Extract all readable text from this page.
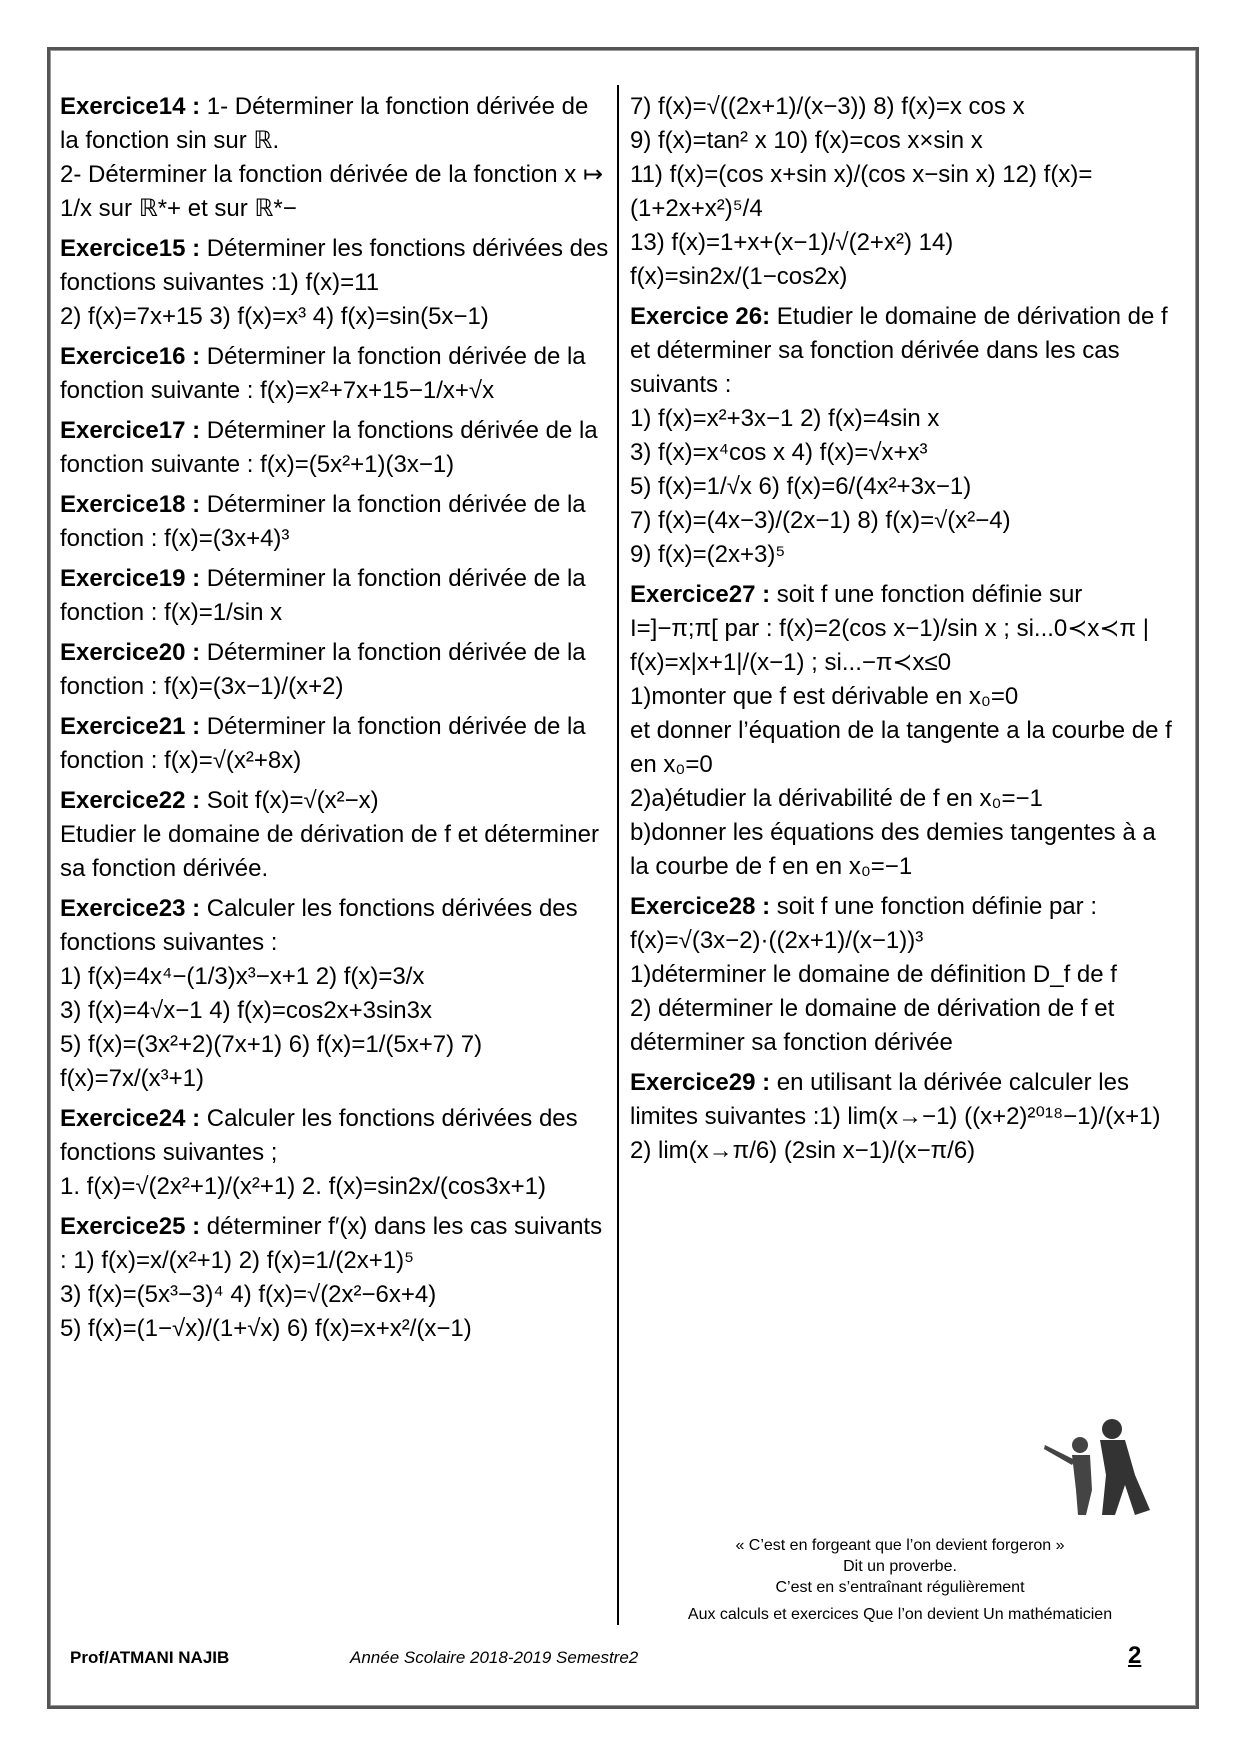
Exercice14 : 1- Déterminer la fonction dérivée de la fonction sin sur ℝ.

2- Déterminer la fonction dérivée de la fonction x ↦ 1/x sur ℝ*+ et sur ℝ*−

Exercice15 : Déterminer les fonctions dérivées des fonctions suivantes :1) f(x)=11

2) f(x)=7x+15 3) f(x)=x³ 4) f(x)=sin(5x−1)

Exercice16 : Déterminer la fonction dérivée de la fonction suivante : f(x)=x²+7x+15−1/x+√x

Exercice17 : Déterminer la fonctions dérivée de la fonction suivante : f(x)=(5x²+1)(3x−1)

Exercice18 : Déterminer la fonction dérivée de la fonction : f(x)=(3x+4)³

Exercice19 : Déterminer la fonction dérivée de la fonction : f(x)=1/sin x

Exercice20 : Déterminer la fonction dérivée de la fonction : f(x)=(3x−1)/(x+2)

Exercice21 : Déterminer la fonction dérivée de la fonction : f(x)=√(x²+8x)

Exercice22 : Soit f(x)=√(x²−x)

Etudier le domaine de dérivation de f et déterminer sa fonction dérivée.

Exercice23 : Calculer les fonctions dérivées des fonctions suivantes :

1) f(x)=4x⁴−(1/3)x³−x+1 2) f(x)=3/x

3) f(x)=4√x−1 4) f(x)=cos2x+3sin3x

5) f(x)=(3x²+2)(7x+1) 6) f(x)=1/(5x+7) 7) f(x)=7x/(x³+1)

Exercice24 : Calculer les fonctions dérivées des fonctions suivantes ;

1. f(x)=√(2x²+1)/(x²+1) 2. f(x)=sin2x/(cos3x+1)

Exercice25 : déterminer f′(x) dans les cas suivants : 1) f(x)=x/(x²+1) 2) f(x)=1/(2x+1)⁵

3) f(x)=(5x³−3)⁴ 4) f(x)=√(2x²−6x+4)

5) f(x)=(1−√x)/(1+√x) 6) f(x)=x+x²/(x−1)

7) f(x)=√((2x+1)/(x−3)) 8) f(x)=x cos x

9) f(x)=tan² x 10) f(x)=cos x×sin x

11) f(x)=(cos x+sin x)/(cos x−sin x) 12) f(x)=(1+2x+x²)⁵/4

13) f(x)=1+x+(x−1)/√(2+x²) 14) f(x)=sin2x/(1−cos2x)

Exercice 26: Etudier le domaine de dérivation de f et déterminer sa fonction dérivée dans les cas suivants :

1) f(x)=x²+3x−1 2) f(x)=4sin x

3) f(x)=x⁴cos x 4) f(x)=√x+x³

5) f(x)=1/√x 6) f(x)=6/(4x²+3x−1)

7) f(x)=(4x−3)/(2x−1) 8) f(x)=√(x²−4)

9) f(x)=(2x+3)⁵

Exercice27 : soit f une fonction définie sur

I=]−π;π[ par : f(x)=2(cos x−1)/sin x ; si...0≺x≺π | f(x)=x|x+1|/(x−1) ; si...−π≺x≤0

1)monter que f est dérivable en x₀=0

et donner l’équation de la tangente a la courbe de f en x₀=0

2)a)étudier la dérivabilité de f en x₀=−1

b)donner les équations des demies tangentes à a la courbe de f en en x₀=−1

Exercice28 : soit f une fonction définie par :

f(x)=√(3x−2)·((2x+1)/(x−1))³

1)déterminer le domaine de définition D_f de f

2) déterminer le domaine de dérivation de f et déterminer sa fonction dérivée

Exercice29 : en utilisant la dérivée calculer les limites suivantes :1) lim(x→−1) ((x+2)²⁰¹⁸−1)/(x+1)

2) lim(x→π/6) (2sin x−1)/(x−π/6)

« C’est en forgeant que l’on devient forgeron »

Dit un proverbe.

C’est en s’entraînant régulièrement

Aux calculs et exercices Que l’on devient Un mathématicien

Prof/ATMANI NAJIB	Année Scolaire 2018-2019 Semestre2	2
